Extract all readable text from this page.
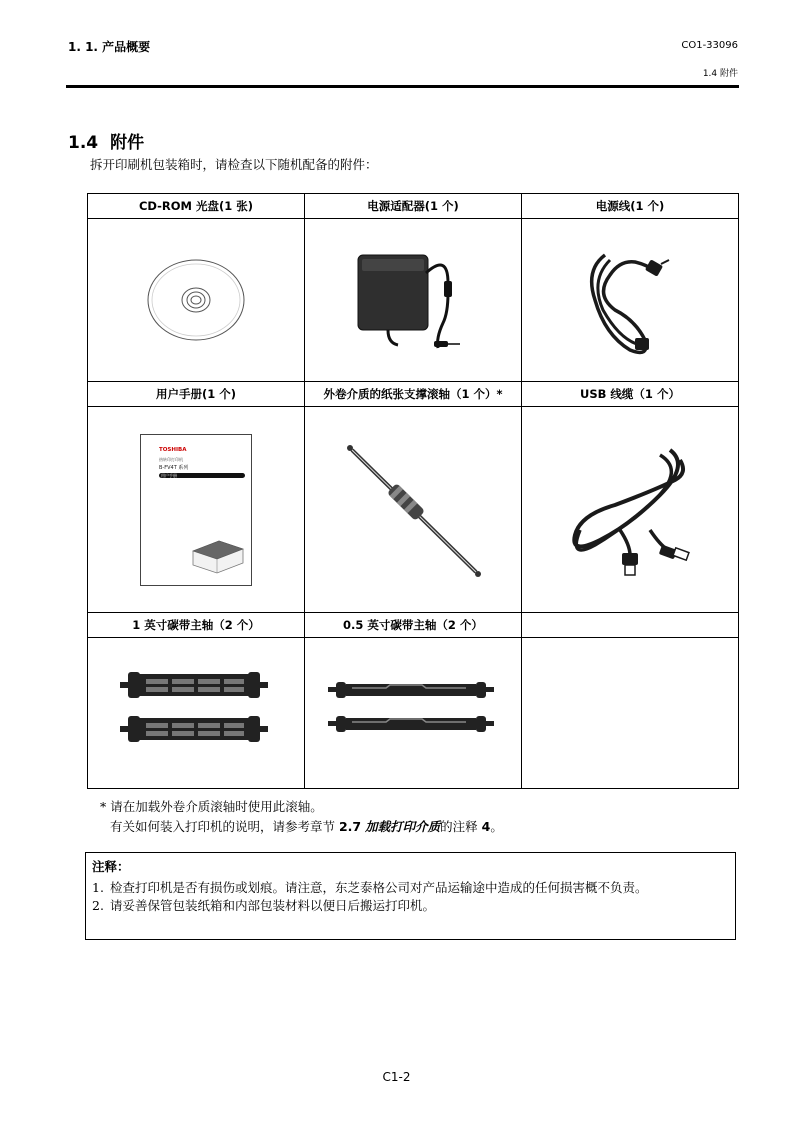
1. 1. 产品概要	CO1-33096
1.4 附件
1.4 附件
拆开印刷机包装箱时，请检查以下随机配备的附件：
CD-ROM 光盘(1 张)	电源适配器(1 个)	电源线(1 个)

用户手册(1 个)	外卷介质的纸张支撑滚轴（1 个）*	USB 线缆（1 个）

TOSHIBA
热转印打印机
B-FV4T 系列
用户手册

1 英寸碳带主轴（2 个）	0.5 英寸碳带主轴（2 个）	

* 请在加载外卷介质滚轴时使用此滚轴。
有关如何装入打印机的说明，请参考章节 2.7 加载打印介质的注释 4。
注释：
1. 检查打印机是否有损伤或划痕。请注意，东芝泰格公司对产品运输途中造成的任何损害概不负责。
2. 请妥善保管包装纸箱和内部包装材料以便日后搬运打印机。
C1-2
